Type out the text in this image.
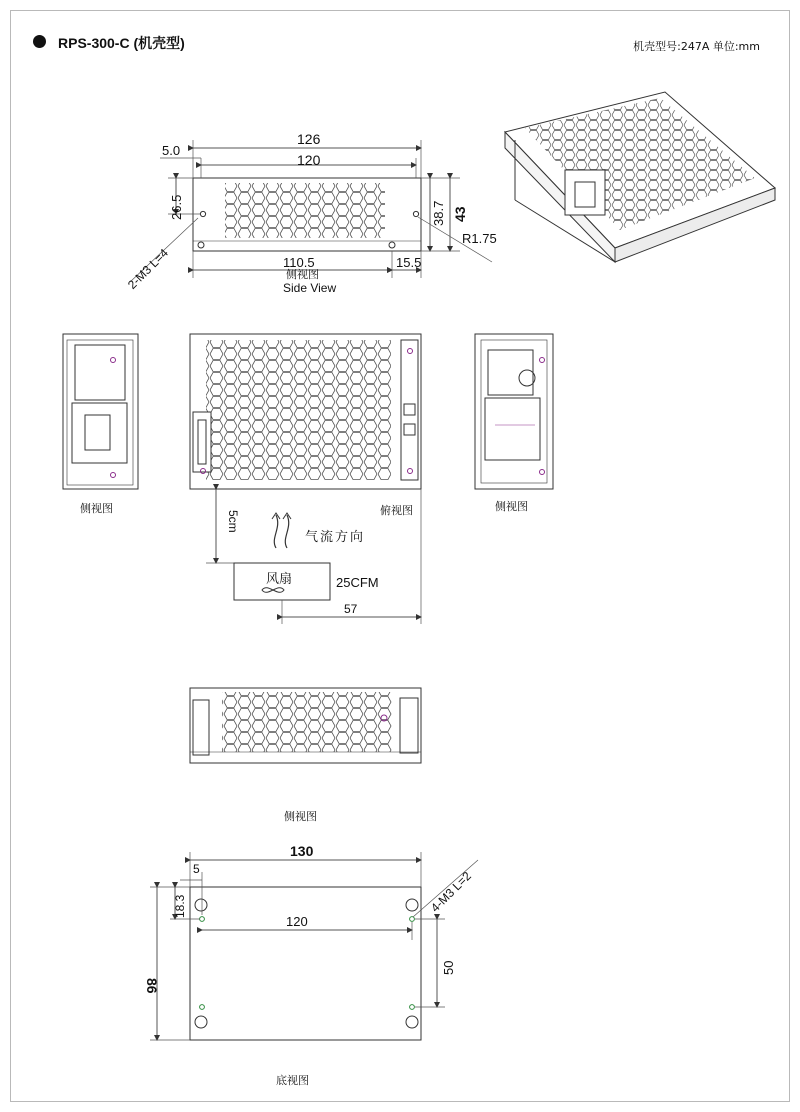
RPS-300-C (机壳型)	机壳型号:247A 单位:mm
126
120
5.0
26.5	38.7 43
R1.75
110.5	15.5
2-M3 L=4	侧视图
Side View
侧视图	俯视图	侧视图
5cm
气流方向
风扇	25CFM
57
侧视图
130
5
18.3
120
86
50
4-M3 L=2
底视图
